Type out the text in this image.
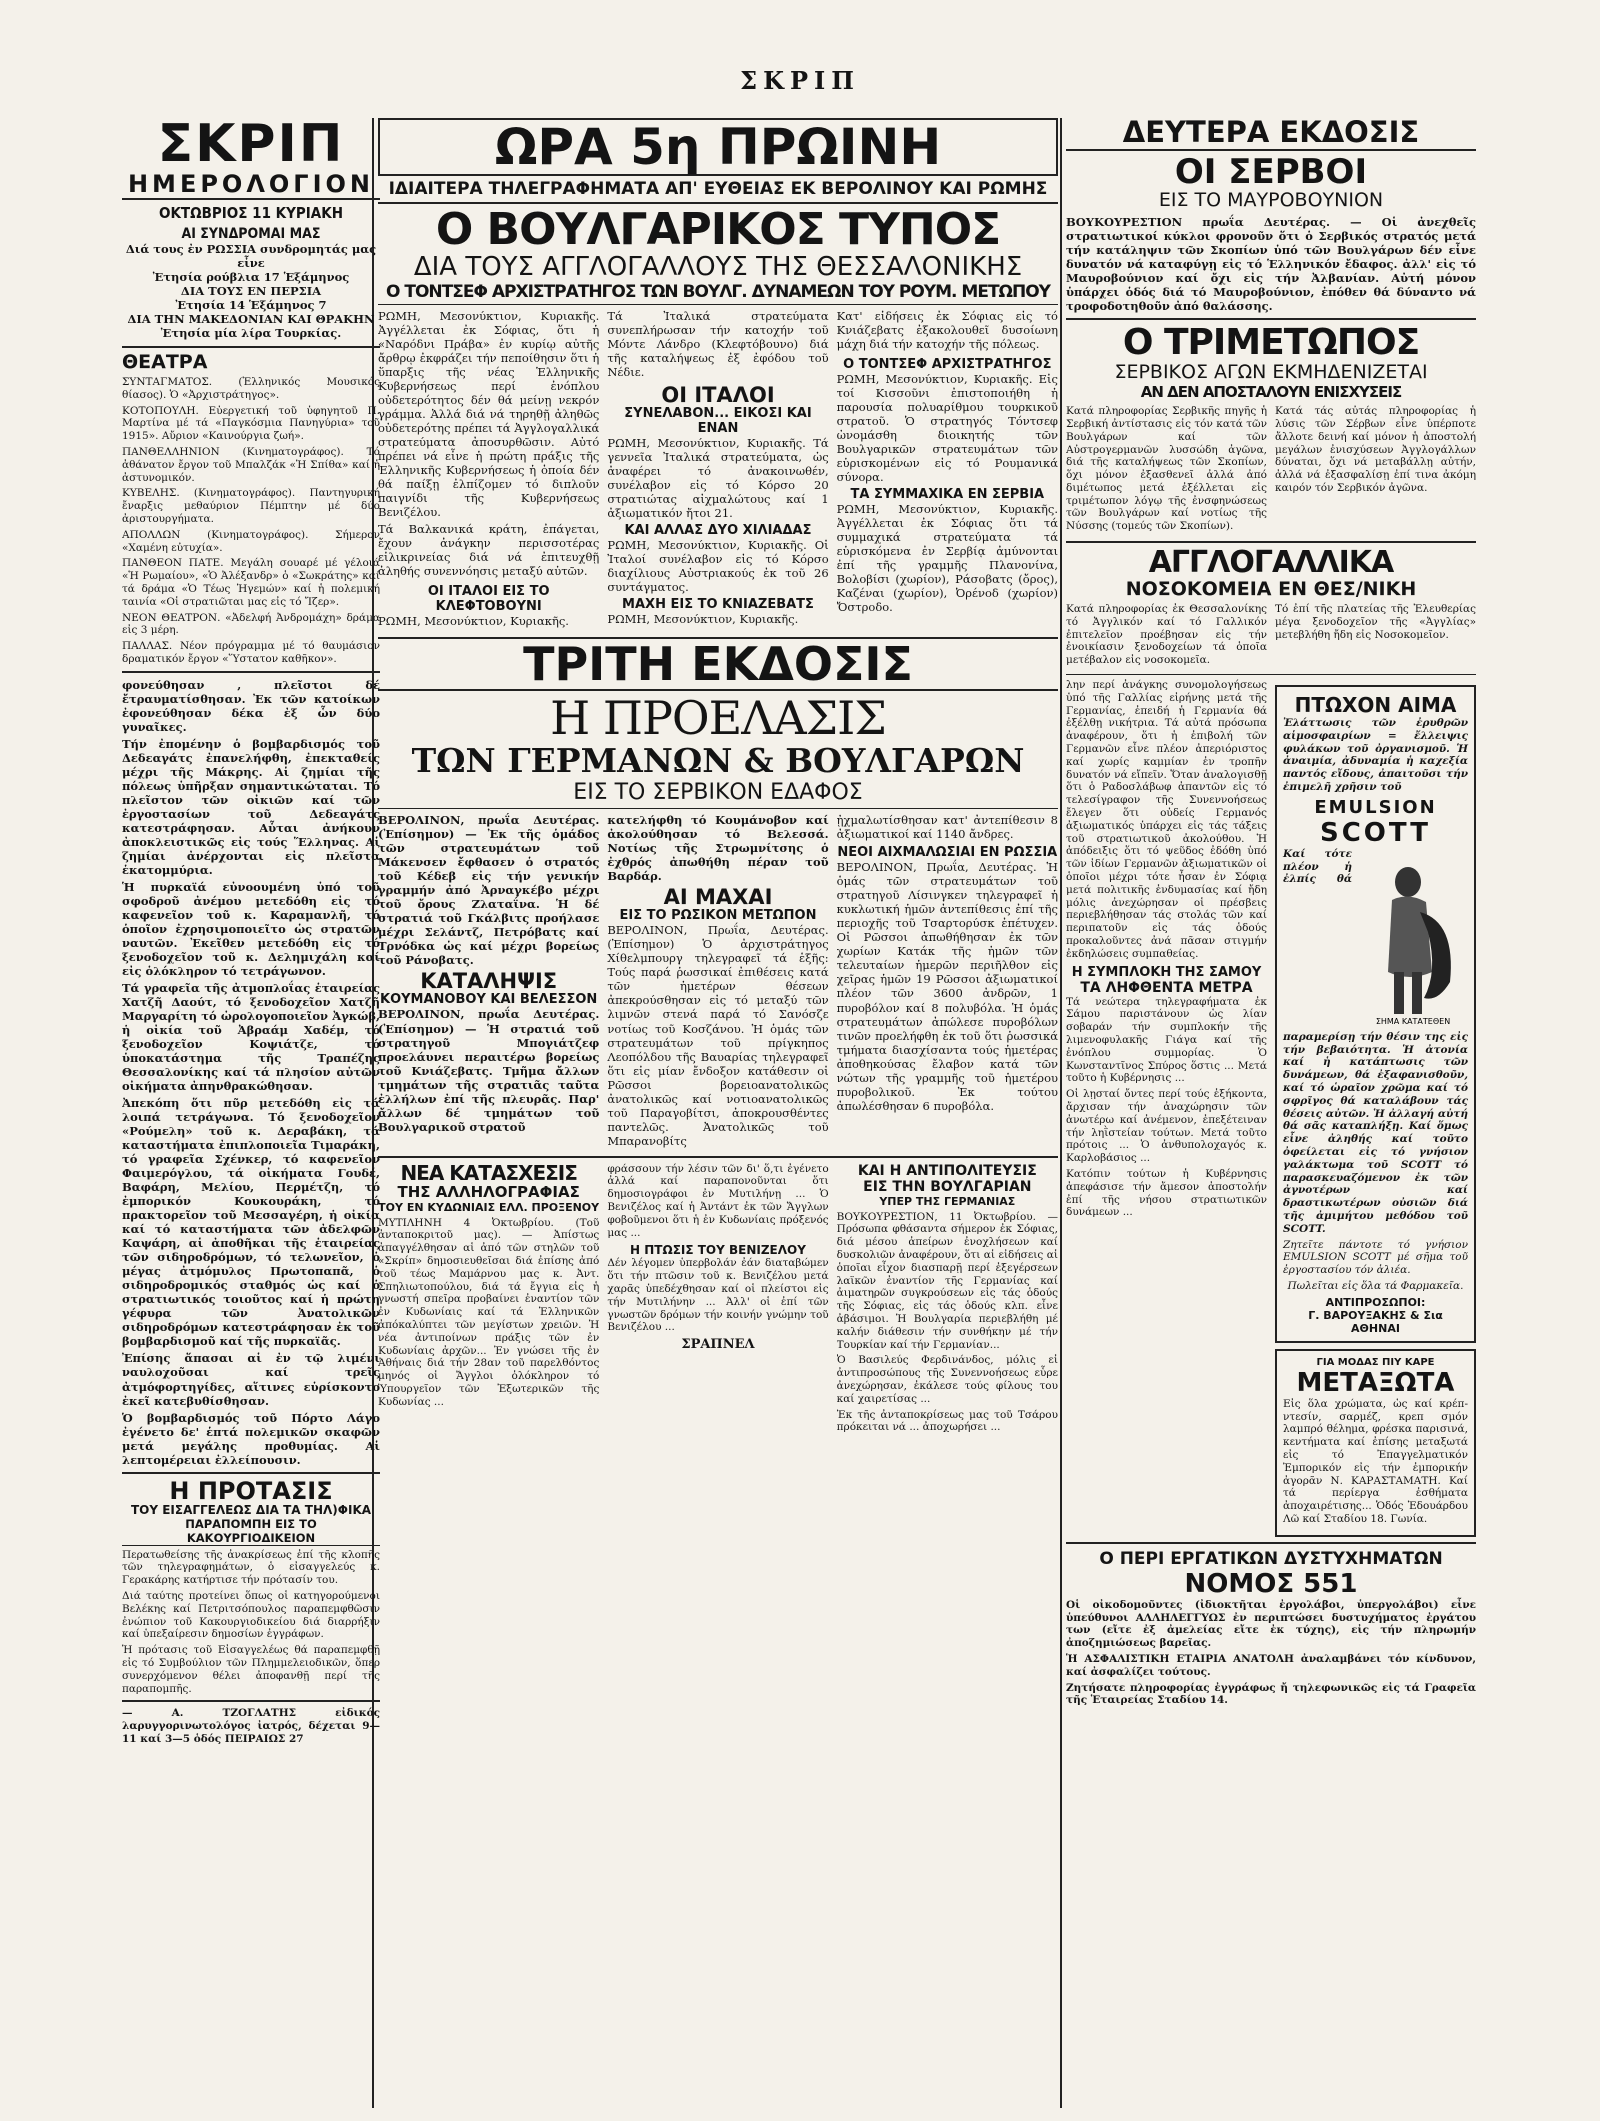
ΣΚΡΙΠ
ΣΚΡΙΠ
ΗΜΕΡΟΛΟΓΙΟΝ
ΟΚΤΩΒΡΙΟΣ 11 ΚΥΡΙΑΚΗ
ΑΙ ΣΥΝΔΡΟΜΑΙ ΜΑΣ
Διά τους ἐν ΡΩΣΣΙΑ συνδρομητάς μας εἶνε
Ἐτησία ρούβλια 17 Ἑξάμηνος
ΔΙΑ ΤΟΥΣ ΕΝ ΠΕΡΣΙΑ
Ἐτησία 14 Ἑξάμηνος 7
ΔΙΑ ΤΗΝ ΜΑΚΕΔΟΝΙΑΝ ΚΑΙ ΘΡΑΚΗΝ
Ἐτησία μία λίρα Τουρκίας.
ΘΕΑΤΡΑ

ΣΥΝΤΑΓΜΑΤΟΣ. (Ἑλληνικός Μουσικός θίασος). Ὁ «Ἀρχιστράτηγος».

ΚΟΤΟΠΟΥΛΗ. Εὐεργετική τοῦ ὑφηγητοῦ Π. Μαρτίνα μέ τά «Παγκόσμια Πανηγύρια» τοῦ 1915». Αὔριον «Καινούργια ζωή».

ΠΑΝΘΕΛΛΗΝΙΟΝ (Κινηματογράφος). Τό ἀθάνατον ἔργον τοῦ Μπαλζάκ «Ἡ Σπίθα» καί ἡ ἀστυνομικόν.

ΚΥΒΕΛΗΣ. (Κινηματογράφος). Παντηγυρική ἔναρξις μεθαύριον Πέμπτην μέ δύο ἀριστουργήματα.

ΑΠΟΛΛΩΝ (Κινηματογράφος). Σήμερον «Χαμένη εὐτυχία».

ΠΑΝΘΕΟΝ ΠΑΤΕ. Μεγάλη σουαρέ μέ γέλοιά «Ἡ Ρωμαίου», «Ὁ Ἀλέξανδρ» ὁ «Σωκράτης» καί τά δράμα «Ὁ Τέως Ἡγεμών» καί ἡ πολεμική ταινία «Οἱ στρατιῶται μας εἰς τό Ἴζερ».

ΝΕΟΝ ΘΕΑΤΡΟΝ. «Ἀδελφή Ἀνδρομάχη» δράμα εἰς 3 μέρη.

ΠΑΛΛΑΣ. Νέον πρόγραμμα μέ τό θαυμάσιον δραματικόν ἔργον «Ὕστατον καθῆκον».

φονεύθησαν , πλεῖστοι δέ ἔτραυματίσθησαν. Ἐκ τῶν κατοίκων ἐφονεύθησαν δέκα ἐξ ὧν δύο γυναῖκες.

Τήν ἐπομένην ὁ βομβαρδισμός τοῦ Δεδεαγάτς ἐπανελήφθη, ἐπεκταθείς μέχρι τῆς Μάκρης. Αἱ ζημίαι τῆς πόλεως ὑπῆρξαν σημαντικώταται. Τό πλεῖστον τῶν οἰκιῶν καί τῶν ἐργοστασίων τοῦ Δεδεαγάτς κατεστράφησαν. Αὗται ἀνήκουν ἀποκλειστικῶς εἰς τούς Ἕλληνας. Αἱ ζημίαι ἀνέρχονται εἰς πλεῖστα ἑκατομμύρια.

Ἡ πυρκαϊά εὐνοουμένη ὑπό τοῦ σφοδροῦ ἀνέμου μετεδόθη εἰς τό καφενεῖον τοῦ κ. Καραμανλῆ, τό ὁποῖον ἐχρησιμοποιεῖτο ὡς στρατῶν ναυτῶν. Ἐκεῖθεν μετεδόθη εἰς τό ξενοδοχεῖον τοῦ κ. Δελημιχάλη καί εἰς ὁλόκληρον τό τετράγωνον.

Τά γραφεῖα τῆς ἀτμοπλοΐας ἑταιρείας Χατζῆ Δαούτ, τό ξενοδοχεῖον Χατζῆ Μαργαρίτη τό ὡρολογοποιεῖον Ἀγκώβ, ἡ οἰκία τοῦ Ἀβραάμ Χαδέμ, τό ξενοδοχεῖον Κοψιάτζε, τό ὑποκατάστημα τῆς Τραπέζης Θεσσαλονίκης καί τά πλησίον αὐτῶν οἰκήματα ἀπηνθρακώθησαν.

Ἀπεκόπη ὅτι πῦρ μετεδόθη εἰς τά λοιπά τετράγωνα. Τό ξενοδοχεῖον «Ρούμελη» τοῦ κ. Δεραβάκη, τά καταστήματα ἐπιπλοποιεῖα Τιμαράκη, τό γραφεῖα Σχένκερ, τό καφενεῖον Φαιμερόγλου, τά οἰκήματα Γουδέ, Βαφάρη, Μελίου, Περμέτζη, τό ἐμπορικόν Κουκουράκη, τό πρακτορεῖον τοῦ Μεσσαγέρη, ἡ οἰκία καί τό καταστήματα τῶν ἀδελφῶν Καψάρη, αἱ ἀποθῆκαι τῆς ἑταιρείας τῶν σιδηροδρόμων, τό τελωνεῖον, ὁ μέγας ἀτμόμυλος Πρωτοπαπᾶ, ὁ σιδηροδρομικός σταθμός ὡς καί ὁ στρατιωτικός τοιοῦτος καί ἡ πρώτη γέφυρα τῶν Ἀνατολικῶν σιδηροδρόμων κατεστράφησαν ἐκ τοῦ βομβαρδισμοῦ καί τῆς πυρκαϊᾶς.

Ἐπίσης ἅπασαι αἱ ἐν τῷ λιμένι ναυλοχοῦσαι καί τρεῖς ἀτμόφορτηγίδες, αἵτινες εὑρίσκοντο ἐκεῖ κατεβυθίσθησαν.

Ὁ βομβαρδισμός τοῦ Πόρτο Λάγο ἐγένετο δε' ἑπτά πολεμικῶν σκαφῶν μετά μεγάλης προθυμίας. Αἱ λεπτομέρειαι ἐλλείπουσιν.

Η ΠΡΟΤΑΣΙΣ
ΤΟΥ ΕΙΣΑΓΓΕΛΕΩΣ ΔΙΑ ΤΑ ΤΗΛ)ΦΙΚΑ
ΠΑΡΑΠΟΜΠΗ ΕΙΣ ΤΟ ΚΑΚΟΥΡΓΙΟΔΙΚΕΙΟΝ

Περατωθείσης τῆς ἀνακρίσεως ἐπί τῆς κλοπῆς τῶν τηλεγραφημάτων, ὁ εἰσαγγελεύς κ. Γερακάρης κατήρτισε τήν πρότασίν του.

Διά ταύτης προτείνει ὅπως οἱ κατηγορούμενοι Βελέκης καί Πετριτσόπουλος παραπεμφθῶσιν ἐνώπιον τοῦ Κακουργιοδικείου διά διαρρήξιν καί ὑπεξαίρεσιν δημοσίων ἐγγράφων.

Ἡ πρότασις τοῦ Εἰσαγγελέως θά παραπεμφθῇ εἰς τό Συμβούλιον τῶν Πλημμελειοδικῶν, ὅπερ συνερχόμενον θέλει ἀποφανθῇ περί τῆς παραπομπῆς.

— Α. ΤΖΟΓΛΑΤΗΣ εἰδικός λαρυγγορινωτολόγος ἰατρός, δέχεται 9—11 καί 3—5 ὁδός ΠΕΙΡΑΙΩΣ 27

ΩΡΑ 5η ΠΡΩΙΝΗ
ΙΔΙΑΙΤΕΡΑ ΤΗΛΕΓΡΑΦΗΜΑΤΑ ΑΠ' ΕΥΘΕΙΑΣ ΕΚ ΒΕΡΟΛΙΝΟΥ ΚΑΙ ΡΩΜΗΣ
Ο ΒΟΥΛΓΑΡΙΚΟΣ ΤΥΠΟΣ
ΔΙΑ ΤΟΥΣ ΑΓΓΛΟΓΑΛΛΟΥΣ ΤΗΣ ΘΕΣΣΑΛΟΝΙΚΗΣ
Ο ΤΟΝΤΣΕΦ ΑΡΧΙΣΤΡΑΤΗΓΟΣ ΤΩΝ ΒΟΥΛΓ. ΔΥΝΑΜΕΩΝ ΤΟΥ ΡΟΥΜ. ΜΕΤΩΠΟΥ

ΡΩΜΗ, Μεσονύκτιον, Κυριακῆς. Ἀγγέλλεται ἐκ Σόφιας, ὅτι ἡ «Ναρόδνι Πράβα» ἐν κυρίῳ αὐτῆς ἄρθρῳ ἐκφράζει τήν πεποίθησιν ὅτι ἡ ὕπαρξις τῆς νέας Ἑλληνικῆς Κυβερνήσεως περί ἐνόπλου οὐδετερότητος δέν θά μείνῃ νεκρόν γράμμα. Ἀλλά διά νά τηρηθῇ ἀληθῶς οὐδετερότης πρέπει τά Ἀγγλογαλλικά στρατεύματα ἀποσυρθῶσιν. Αὐτό πρέπει νά εἶνε ἡ πρώτη πράξις τῆς Ἑλληνικῆς Κυβερνήσεως ἡ ὁποία δέν θά παίξῃ ἐλπίζομεν τό διπλοῦν παιγνίδι τῆς Κυβερνήσεως Βενιζέλου.

Τά Βαλκανικά κράτη, ἐπάγεται, ἔχουν ἀνάγκην περισσοτέρας εἰλικρινείας διά νά ἐπιτευχθῇ ἀληθής συνεννόησις μεταξύ αὐτῶν.

ΟΙ ΙΤΑΛΟΙ ΕΙΣ ΤΟ ΚΛΕΦΤΟΒΟΥΝΙ

ΡΩΜΗ, Μεσονύκτιον, Κυριακῆς.

Τά Ἰταλικά στρατεύματα συνεπλήρωσαν τήν κατοχήν τοῦ Μόντε Λάνδρο (Κλεφτόβουνο) διά τῆς καταλήψεως ἐξ ἐφόδου τοῦ Νέδιε.

ΟΙ ΙΤΑΛΟΙ
ΣΥΝΕΛΑΒΟΝ... ΕΙΚΟΣΙ ΚΑΙ ΕΝΑΝ

ΡΩΜΗ, Μεσονύκτιον, Κυριακῆς. Τά γεννεῖα Ἰταλικά στρατεύματα, ὡς ἀναφέρει τό ἀνακοινωθέν, συνέλαβον εἰς τό Κόρσο 20 στρατιώτας αἰχμαλώτους καί 1 ἀξιωματικόν ἤτοι 21.

ΚΑΙ ΑΛΛΑΣ ΔΥΟ ΧΙΛΙΑΔΑΣ

ΡΩΜΗ, Μεσονύκτιον, Κυριακῆς. Οἱ Ἰταλοί συνέλαβον εἰς τό Κόρσο διαχίλιους Αὐστριακούς ἐκ τοῦ 26 συντάγματος.

ΜΑΧΗ ΕΙΣ ΤΟ ΚΝΙΑΖΕΒΑΤΣ

ΡΩΜΗ, Μεσονύκτιον, Κυριακῆς.

Κατ' εἰδήσεις ἐκ Σόφιας εἰς τό Κνιάζεβατς ἐξακολουθεῖ δυσοίωνη μάχη διά τήν κατοχήν τῆς πόλεως.

Ο ΤΟΝΤΣΕΦ ΑΡΧΙΣΤΡΑΤΗΓΟΣ

ΡΩΜΗ, Μεσονύκτιον, Κυριακῆς. Εἰς τοί Κισσοῦνι ἐπιστοποιήθη ἡ παρουσία πολυαρίθμου τουρκικοῦ στρατοῦ. Ὁ στρατηγός Τόντσεφ ὠνομάσθη διοικητής τῶν Βουλγαρικῶν στρατευμάτων τῶν εὑρισκομένων εἰς τό Ρουμανικά σύνορα.

ΤΑ ΣΥΜΜΑΧΙΚΑ ΕΝ ΣΕΡΒΙΑ

ΡΩΜΗ, Μεσονύκτιον, Κυριακῆς. Ἀγγέλλεται ἐκ Σόφιας ὅτι τά συμμαχικά στρατεύματα τά εὑρισκόμενα ἐν Σερβίᾳ ἀμύνονται ἐπί τῆς γραμμῆς Πλανονίνα, Βολοβίσι (χωρίον), Ράσοβατς (ὄρος), Καζέναι (χωρίον), Ὀρένοδ (χωρίον) Ὄστροδο.

ΤΡΙΤΗ ΕΚΔΟΣΙΣ
Η ΠΡΟΕΛΑΣΙΣ
ΤΩΝ ΓΕΡΜΑΝΩΝ & ΒΟΥΛΓΑΡΩΝ
ΕΙΣ ΤΟ ΣΕΡΒΙΚΟΝ ΕΔΑΦΟΣ

ΒΕΡΟΛΙΝΟΝ, πρωΐα Δευτέρας. (Ἐπίσημον) — Ἐκ τῆς ὁμάδος τῶν στρατευμάτων τοῦ Μάκενσεν ἔφθασεν ὁ στρατός τοῦ Κέδεβ εἰς τήν γενικήν γραμμήν ἀπό Ἀρναγκέβο μέχρι τοῦ ὄρους Ζλαταΐνα. Ἡ δέ στρατιά τοῦ Γκάλβιτς προήλασε μέχρι Σελάντζ, Πετρόβατς καί Τρνόδκα ὡς καί μέχρι βορείως τοῦ Ράνοβατς.

ΚΑΤΑΛΗΨΙΣ
ΚΟΥΜΑΝΟΒΟΥ ΚΑΙ ΒΕΛΕΣΣΟΝ

ΒΕΡΟΛΙΝΟΝ, πρωΐα Δευτέρας. (Ἐπίσημον) — Ἡ στρατιά τοῦ στρατηγοῦ Μπογιάτζεφ προελάυνει περαιτέρω βορείως τοῦ Κνιάζεβατς. Τμῆμα ἄλλων τμημάτων τῆς στρατιᾶς ταῦτα ἐλλήλων ἐπί τῆς πλευρᾶς. Παρ' ἄλλων δέ τμημάτων τοῦ Βουλγαρικοῦ στρατοῦ

κατελήφθη τό Κουμάνοβον καί ἀκολούθησαν τό Βελεσσά. Νοτίως τῆς Στρωμνίτσης ὁ ἐχθρός ἀπωθήθη πέραν τοῦ Βαρδάρ.

ΑΙ ΜΑΧΑΙ
ΕΙΣ ΤΟ ΡΩΣΙΚΟΝ ΜΕΤΩΠΟΝ

ΒΕΡΟΛΙΝΟΝ, Πρωΐα, Δευτέρας. (Ἐπίσημον) Ὁ ἀρχιστράτηγος Χίθελμπουργ τηλεγραφεῖ τά ἑξῆς: Τούς παρά ῥωσσικαί ἐπιθέσεις κατά τῶν ἡμετέρων θέσεων ἀπεκρούσθησαν εἰς τό μεταξύ τῶν λιμνῶν στενά παρά τό Σανόσζε νοτίως τοῦ Κοσζάνου. Ἡ ὁμάς τῶν στρατευμάτων τοῦ πρίγκηπος Λεοπόλδου τῆς Βαυαρίας τηλεγραφεῖ ὅτι εἰς μίαν ἔνδοξον κατάθεσιν οἱ Ρῶσσοι βορειοανατολικῶς ἀνατολικῶς καί νοτιοανατολικῶς τοῦ Παραγοβίτσι, ἀποκρουσθέντες παντελῶς. Ἀνατολικῶς τοῦ Μπαρανοβίτς

ᾐχμαλωτίσθησαν κατ' ἀντεπίθεσιν 8 ἀξιωματικοί καί 1140 ἄνδρες.

ΝΕΟΙ ΑΙΧΜΑΛΩΣΙΑΙ ΕΝ ΡΩΣΣΙΑ

ΒΕΡΟΛΙΝΟΝ, Πρωΐα, Δευτέρας. Ἡ ὁμάς τῶν στρατευμάτων τοῦ στρατηγοῦ Λίσινγκεν τηλεγραφεῖ ἡ κυκλωτική ἡμῶν ἀντεπίθεσις ἐπί τῆς περιοχῆς τοῦ Τσαρτορύσκ ἐπέτυχεν. Οἱ Ρῶσσοι ἀπωθήθησαν ἐκ τῶν χωρίων Κατάκ τῆς ἡμῶν τῶν τελευταίων ἡμερῶν περιῆλθον εἰς χεῖρας ἡμῶν 19 Ρῶσσοι ἀξιωματικοί πλέον τῶν 3600 ἀνδρῶν, 1 πυροβόλον καί 8 πολυβόλα. Ἡ ὁμάς στρατευμάτων ἀπώλεσε πυροβόλων τινῶν προελήφθη ἐκ τοῦ ὅτι ῥωσσικά τμήματα διασχίσαντα τούς ἡμετέρας ἀποθηκούσας ἔλαβον κατά τῶν νώτων τῆς γραμμῆς τοῦ ἡμετέρου πυροβολικοῦ. Ἐκ τούτου ἀπωλέσθησαν 6 πυροβόλα.

ΝΕΑ ΚΑΤΑΣΧΕΣΙΣ
ΤΗΣ ΑΛΛΗΛΟΓΡΑΦΙΑΣ
ΤΟΥ ΕΝ ΚΥΔΩΝΙΑΙΣ ΕΛΛ. ΠΡΟΞΕΝΟΥ

ΜΥΤΙΛΗΝΗ 4 Ὀκτωβρίου. (Τοῦ ἀνταποκριτοῦ μας). — Ἀπίστως ἀπαγγέλθησαν αἱ ἀπό τῶν στηλῶν τοῦ «Σκρίπ» δημοσιευθεῖσαι διά ἐπίσης ἀπό τοῦ τέως Μαμάρνου μας κ. Ἀντ. Σπηλιωτοπούλου, διά τά ἔγγια εἰς ἡ γνωστή σπεῖρα προβαίνει ἐναντίον τῶν ἐν Κυδωνίαις καί τά Ἑλληνικῶν ἀπόκαλύπτει τῶν μεγίστων χρειῶν. Ἡ νέα ἀντιποίνων πράξις τῶν ἐν Κυδωνίαις ἀρχῶν... Ἐν γνώσει τῆς ἐν Ἀθήναις διά τήν 28αν τοῦ παρελθόντος μηνός οἱ Ἄγγλοι ὁλόκληρον τό Ὑπουργεῖον τῶν Ἐξωτερικῶν τῆς Κυδωνίας ...

φράσσουν τήν λέσιν τῶν δι' ὅ,τι ἐγένετο ἀλλά καί παραπονοῦνται ὅτι δημοσιογράφοι ἐν Μυτιλήνῃ ... Ὁ Βενιζέλος καί ἡ Ἀντάντ ἐκ τῶν Ἄγγλων φοβοῦμενοι ὅτι ἡ ἐν Κυδωνίαις πρόξενός μας ...

Η ΠΤΩΣΙΣ ΤΟΥ ΒΕΝΙΖΕΛΟΥ

Δέν λέγομεν ὑπερβολάν ἐάν διαταβώμεν ὅτι τήν πτῶσιν τοῦ κ. Βενιζέλου μετά χαρᾶς ὑπεδέχθησαν καί οἱ πλείστοι εἰς τήν Μυτιλήνην ... Ἀλλ' οἱ ἐπί τῶν γνωστῶν δρόμων τήν κοινήν γνώμην τοῦ Βενιζέλου ...

ΣΡΑΠΝΕΛ
ΚΑΙ Η ΑΝΤΙΠΟΛΙΤΕΥΣΙΣ
ΕΙΣ ΤΗΝ ΒΟΥΛΓΑΡΙΑΝ
ΥΠΕΡ ΤΗΣ ΓΕΡΜΑΝΙΑΣ

ΒΟΥΚΟΥΡΕΣΤΙΟΝ, 11 Ὀκτωβρίου. — Πρόσωπα φθάσαντα σήμερον ἐκ Σόφιας, διά μέσου ἀπείρων ἐνοχλήσεων καί δυσκολιῶν ἀναφέρουν, ὅτι αἱ εἰδήσεις αἱ ὁποῖαι εἶχον διασπαρῇ περί ἐξεγέρσεων λαϊκῶν ἐναντίον τῆς Γερμανίας καί ἀιματηρῶν συγκρούσεων εἰς τάς ὁδούς τῆς Σόφιας, εἰς τάς ὁδούς κλπ. εἶνε ἀβάσιμοι. Ἡ Βουλγαρία περιεβλήθη μέ καλήν διάθεσιν τήν συνθήκην μέ τήν Τουρκίαν καί τήν Γερμανίαν...

Ὁ Βασιλεύς Φερδινάνδος, μόλις εἰ ἀντιπροσώπους τῆς Συνεννοήσεως εὗρε ἀνεχώρησαν, ἐκάλεσε τούς φίλους του καί χαιρετίσας ...

Ἐκ τῆς ἀνταποκρίσεως μας τοῦ Τσάρου πρόκειται νά ... ἀποχωρήσει ...

ΔΕΥΤΕΡΑ ΕΚΔΟΣΙΣ
ΟΙ ΣΕΡΒΟΙ
ΕΙΣ ΤΟ ΜΑΥΡΟΒΟΥΝΙΟΝ

ΒΟΥΚΟΥΡΕΣΤΙΟΝ πρωΐα Δευτέρας. — Οἱ ἀνεχθεῖς στρατιωτικοί κύκλοι φρονοῦν ὅτι ὁ Σερβικός στρατός μετά τήν κατάληψιν τῶν Σκοπίων ὑπό τῶν Βουλγάρων δέν εἶνε δυνατόν νά καταφύγῃ εἰς τό Ἑλληνικόν ἔδαφος. ἀλλ' εἰς τό Μαυροβούνιον καί ὄχι εἰς τήν Ἀλβανίαν. Αὐτή μόνον ὑπάρχει ὁδός διά τό Μαυροβούνιον, ἐπόθεν θά δύναντο νά τροφοδοτηθοῦν ἀπό θαλάσσης.

Ο ΤΡΙΜΕΤΩΠΟΣ
ΣΕΡΒΙΚΟΣ ΑΓΩΝ ΕΚΜΗΔΕΝΙΖΕΤΑΙ
ΑΝ ΔΕΝ ΑΠΟΣΤΑΛΟΥΝ ΕΝΙΣΧΥΣΕΙΣ

Κατά πληροφορίας Σερβικῆς πηγῆς ἡ Σερβική ἀντίστασις εἰς τόν κατά τῶν Βουλγάρων καί τῶν Αὐστρογερμανῶν λυσσώδη ἀγῶνα, διά τῆς καταλήψεως τῶν Σκοπίων, ὅχι μόνον ἐξασθενεῖ ἀλλά ἀπό διμέτωπος μετά ἐξέλλεται εἰς τριμέτωπον λόγῳ τῆς ἐνσφηνώσεως τῶν Βουλγάρων καί νοτίως τῆς Νύσσης (τομεύς τῶν Σκοπίων).

Κατά τάς αὐτάς πληροφορίας ἡ λύσις τῶν Σέρβων εἶνε ὑπέρποτε ἄλλοτε δεινή καί μόνον ἡ ἀποστολή μεγάλων ἐνισχύσεων Ἀγγλογάλλων δύναται, ὅχι νά μεταβάλλῃ αὐτήν, ἀλλά νά ἐξασφαλίσῃ ἐπί τινα ἀκόμη καιρόν τόν Σερβικόν ἀγῶνα.

ΑΓΓΛΟΓΑΛΛΙΚΑ
ΝΟΣΟΚΟΜΕΙΑ ΕΝ ΘΕΣ/ΝΙΚΗ

Κατά πληροφορίας ἐκ Θεσσαλονίκης τό Ἀγγλικόν καί τό Γαλλικόν ἐπιτελεῖον προέβησαν εἰς τήν ἐνοικίασιν ξενοδοχείων τά ὁποῖα μετέβαλον εἰς νοσοκομεῖα.

Τό ἐπί τῆς πλατείας τῆς Ἐλευθερίας μέγα ξενοδοχεῖον τῆς «Ἀγγλίας» μετεβλήθη ἤδη εἰς Νοσοκομεῖον.

λην περί ἀνάγκης συνομολογήσεως ὑπό τῆς Γαλλίας εἰρήνης μετά τῆς Γερμανίας, ἐπειδή ἡ Γερμανία θά ἐξέλθῃ νικήτρια. Τά αὐτά πρόσωπα ἀναφέρουν, ὅτι ἡ ἐπιβολή τῶν Γερμανῶν εἶνε πλέον ἀπεριόριστος καί χωρίς καμμίαν ἐν τροπῆν δυνατόν νά εἴπεῖν. Ὅταν ἀναλογισθῇ ὅτι ὁ Ραδοσλάβωφ ἀπαντῶν εἰς τό τελεσίγραφον τῆς Συνεννοήσεως ἔλεγεν ὅτι οὐδείς Γερμανός ἀξιωματικός ὑπάρχει εἰς τάς τάξεις τοῦ στρατιωτικοῦ ἀκολούθου. Ἡ ἀπόδειξις ὅτι τό ψεῦδος ἐδόθη ὑπό τῶν ἰδίων Γερμανῶν ἀξιωματικῶν οἱ ὁποῖοι μέχρι τότε ἦσαν ἐν Σόφιᾳ μετά πολιτικῆς ἐνδυμασίας καί ἤδη μόλις ἀνεχώρησαν οἱ πρέσβεις περιεβλήθησαν τάς στολάς τῶν καί περιπατοῦν εἰς τάς ὁδούς προκαλοῦντες ἀνά πᾶσαν στιγμήν ἐκδηλώσεις συμπαθείας.

Η ΣΥΜΠΛΟΚΗ ΤΗΣ ΣΑΜΟΥ
ΤΑ ΛΗΦΘΕΝΤΑ ΜΕΤΡΑ

Τά νεώτερα τηλεγραφήματα ἐκ Σάμου παριστάνουν ὡς λίαν σοβαράν τήν συμπλοκήν τῆς λιμενοφυλακῆς Γιάγα καί τῆς ἐνόπλου συμμορίας. Ὁ Κωνσταντῖνος Σπύρος ὅστις ... Μετά τοῦτο ἡ Κυβέρνησις ...

Οἱ λῃσταί ὄντες περί τούς ἑξήκοντα, ἄρχισαν τήν ἀναχώρησιν τῶν ἀνωτέρω καί ἀνέμενον, ἐπεξέτειναν τήν ληῒστείαν τούτων. Μετά τοῦτο πρότοις ... Ὁ ἀνθυπολοχαγός κ. Καρλοβάσιος ...

Κατόπιν τούτων ἡ Κυβέρνησις ἀπεφάσισε τήν ἄμεσον ἀποστολήν ἐπί τῆς νήσου στρατιωτικῶν δυνάμεων ...

ΠΤΩΧΟΝ ΑΙΜΑ

Ἐλάττωσις τῶν ἐρυθρῶν αἱμοσφαιρίων = ἔλλειψις φυλάκων τοῦ ὀργανισμοῦ. Ἡ ἀναιμία, ἀδυναμία ἡ καχεξία παντός εἴδους, ἀπαιτοῦσι τήν ἐπιμελῆ χρῆσιν τοῦ

EMULSION
SCOTT
ΣΗΜΑ ΚΑΤΑΤΕΘΕΝ

Καί τότε πλέον ἡ ἐλπίς θά παραμερίσῃ τήν θέσιν της εἰς τήν βεβαιότητα. Ἡ ἀτονία καί ἡ κατάπτωσις τῶν δυνάμεων, θά ἐξαφανισθοῦν, καί τό ὡραῖον χρῶμα καί τό σφρῖγος θά καταλάβουν τάς θέσεις αὐτῶν. Ἡ ἀλλαγή αὐτή θά σᾶς καταπλήξῃ. Καί ὅμως εἶνε ἀληθής καί τοῦτο ὀφείλεται εἰς τό γνήσιον γαλάκτωμα τοῦ SCOTT τό παρασκευαζόμενον ἐκ τῶν ἀγνοτέρων καί δραστικωτέρων οὐσιῶν διά τῆς ἀμιμήτου μεθόδου τοῦ SCOTT.

Ζητεῖτε πάντοτε τό γνήσιον EMULSION SCOTT μέ σῆμα τοῦ ἐργοστασίου τόν ἁλιέα.

Πωλεῖται εἰς ὅλα τά Φαρμακεῖα.

ΑΝΤΙΠΡΟΣΩΠΟΙ:
Γ. ΒΑΡΟΥΞΑΚΗΣ & Σια ΑΘΗΝΑΙ
ΓΙΑ ΜΟΔΑΣ ΠΙΥ ΚΑΡΕ
ΜΕΤΑΞΩΤΑ

Εἰς ὅλα χρώματα, ὡς καί κρέπ-ντεσίν, σαρμέζ, κρεπ σμόν λαμπρό θέλημα, φρέσκα παρισινά, κεντήματα καί ἐπίσης μεταξωτά εἰς τό Ἐπαγγελματικόν Ἐμπορικόν εἰς τήν ἐμπορικήν ἀγορᾶν Ν. ΚΑΡΑΣΤΑΜΑΤΗ. Καί τά περίεργα ἐσθήματα ἀποχαιρέτισης... Ὁδός Ἐδουάρδου Λῶ καί Σταδίου 18. Γωνία.

Ο ΠΕΡΙ ΕΡΓΑΤΙΚΩΝ ΔΥΣΤΥΧΗΜΑΤΩΝ
ΝΟΜΟΣ 551

Οἱ οἰκοδομοῦντες (ἰδιοκτῆται ἐργολάβοι, ὑπεργολάβοι) εἶνε ὑπεύθυνοι ΑΛΛΗΛΕΓΓΥΩΣ ἐν περιπτώσει δυστυχήματος ἐργάτου των (εἴτε ἐξ ἀμελείας εἴτε ἐκ τύχης), εἰς τήν πληρωμήν ἀποζημιώσεως βαρεῖας.

Ἡ ΑΣΦΑΛΙΣΤΙΚΗ ΕΤΑΙΡΙΑ ΑΝΑΤΟΛΗ ἀναλαμβάνει τόν κίνδυνον, καί ἀσφαλίζει τούτους.

Ζητήσατε πληροφορίας ἐγγράφως ἤ τηλεφωνικῶς εἰς τά Γραφεῖα τῆς Ἑταιρείας Σταδίου 14.
